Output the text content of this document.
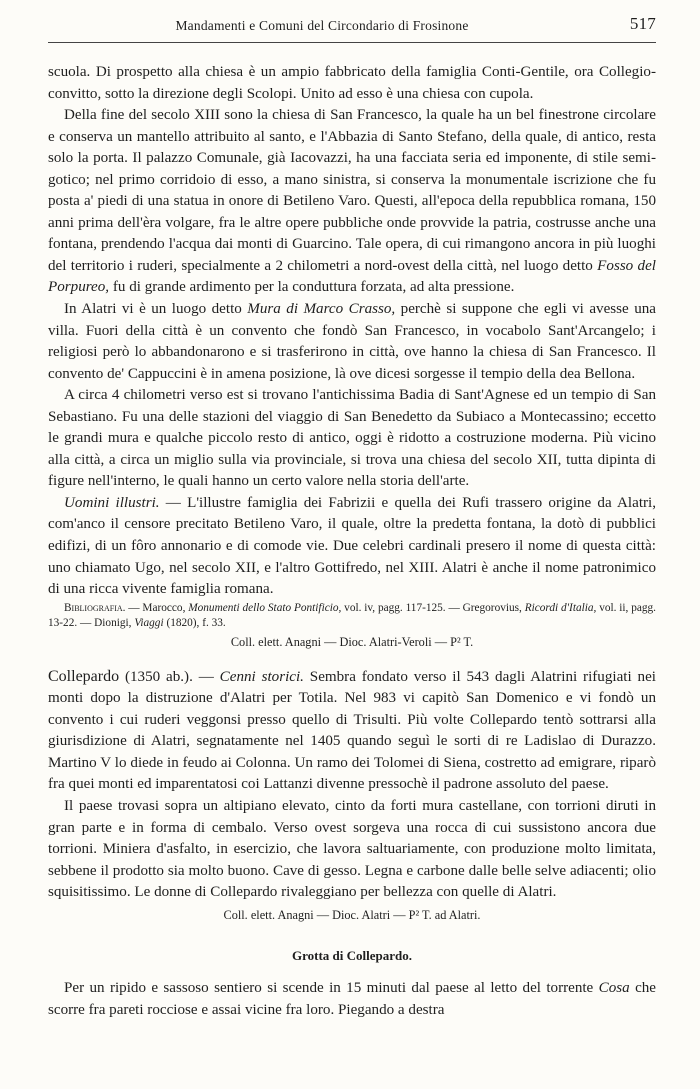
Mandamenti e Comuni del Circondario di Frosinone	517

scuola. Di prospetto alla chiesa è un ampio fabbricato della famiglia Conti-Gentile, ora Collegio-convitto, sotto la direzione degli Scolopi. Unito ad esso è una chiesa con cupola.

Della fine del secolo XIII sono la chiesa di San Francesco, la quale ha un bel finestrone circolare e conserva un mantello attribuito al santo, e l'Abbazia di Santo Stefano, della quale, di antico, resta solo la porta. Il palazzo Comunale, già Iacovazzi, ha una facciata seria ed imponente, di stile semi-gotico; nel primo corridoio di esso, a mano sinistra, si conserva la monumentale iscrizione che fu posta a' piedi di una statua in onore di Betileno Varo. Questi, all'epoca della repubblica romana, 150 anni prima dell'èra volgare, fra le altre opere pubbliche onde provvide la patria, costrusse anche una fontana, prendendo l'acqua dai monti di Guarcino. Tale opera, di cui rimangono ancora in più luoghi del territorio i ruderi, specialmente a 2 chilometri a nord-ovest della città, nel luogo detto Fosso del Porpureo, fu di grande ardimento per la conduttura forzata, ad alta pressione.

In Alatri vi è un luogo detto Mura di Marco Crasso, perchè si suppone che egli vi avesse una villa. Fuori della città è un convento che fondò San Francesco, in vocabolo Sant'Arcangelo; i religiosi però lo abbandonarono e si trasferirono in città, ove hanno la chiesa di San Francesco. Il convento de' Cappuccini è in amena posizione, là ove dicesi sorgesse il tempio della dea Bellona.

A circa 4 chilometri verso est si trovano l'antichissima Badia di Sant'Agnese ed un tempio di San Sebastiano. Fu una delle stazioni del viaggio di San Benedetto da Subiaco a Montecassino; eccetto le grandi mura e qualche piccolo resto di antico, oggi è ridotto a costruzione moderna. Più vicino alla città, a circa un miglio sulla via provinciale, si trova una chiesa del secolo XII, tutta dipinta di figure nell'interno, le quali hanno un certo valore nella storia dell'arte.

Uomini illustri. — L'illustre famiglia dei Fabrizii e quella dei Rufi trassero origine da Alatri, com'anco il censore precitato Betileno Varo, il quale, oltre la predetta fontana, la dotò di pubblici edifizi, di un fôro annonario e di comode vie. Due celebri cardinali presero il nome di questa città: uno chiamato Ugo, nel secolo XII, e l'altro Gottifredo, nel XIII. Alatri è anche il nome patronimico di una ricca vivente famiglia romana.

Bibliografia. — Marocco, Monumenti dello Stato Pontificio, vol. iv, pagg. 117-125. — Gregorovius, Ricordi d'Italia, vol. ii, pagg. 13-22. — Dionigi, Viaggi (1820), f. 33.

Coll. elett. Anagni — Dioc. Alatri-Veroli — P² T.

Collepardo (1350 ab.). — Cenni storici. Sembra fondato verso il 543 dagli Alatrini rifugiati nei monti dopo la distruzione d'Alatri per Totila. Nel 983 vi capitò San Domenico e vi fondò un convento i cui ruderi veggonsi presso quello di Trisulti. Più volte Collepardo tentò sottrarsi alla giurisdizione di Alatri, segnatamente nel 1405 quando seguì le sorti di re Ladislao di Durazzo. Martino V lo diede in feudo ai Colonna. Un ramo dei Tolomei di Siena, costretto ad emigrare, riparò fra quei monti ed imparentatosi coi Lattanzi divenne pressochè il padrone assoluto del paese.

Il paese trovasi sopra un altipiano elevato, cinto da forti mura castellane, con torrioni diruti in gran parte e in forma di cembalo. Verso ovest sorgeva una rocca di cui sussistono ancora due torrioni. Miniera d'asfalto, in esercizio, che lavora saltuariamente, con produzione molto limitata, sebbene il prodotto sia molto buono. Cave di gesso. Legna e carbone dalle belle selve adiacenti; olio squisitissimo. Le donne di Collepardo rivaleggiano per bellezza con quelle di Alatri.

Coll. elett. Anagni — Dioc. Alatri — P² T. ad Alatri.

Grotta di Collepardo.

Per un ripido e sassoso sentiero si scende in 15 minuti dal paese al letto del torrente Cosa che scorre fra pareti rocciose e assai vicine fra loro. Piegando a destra
